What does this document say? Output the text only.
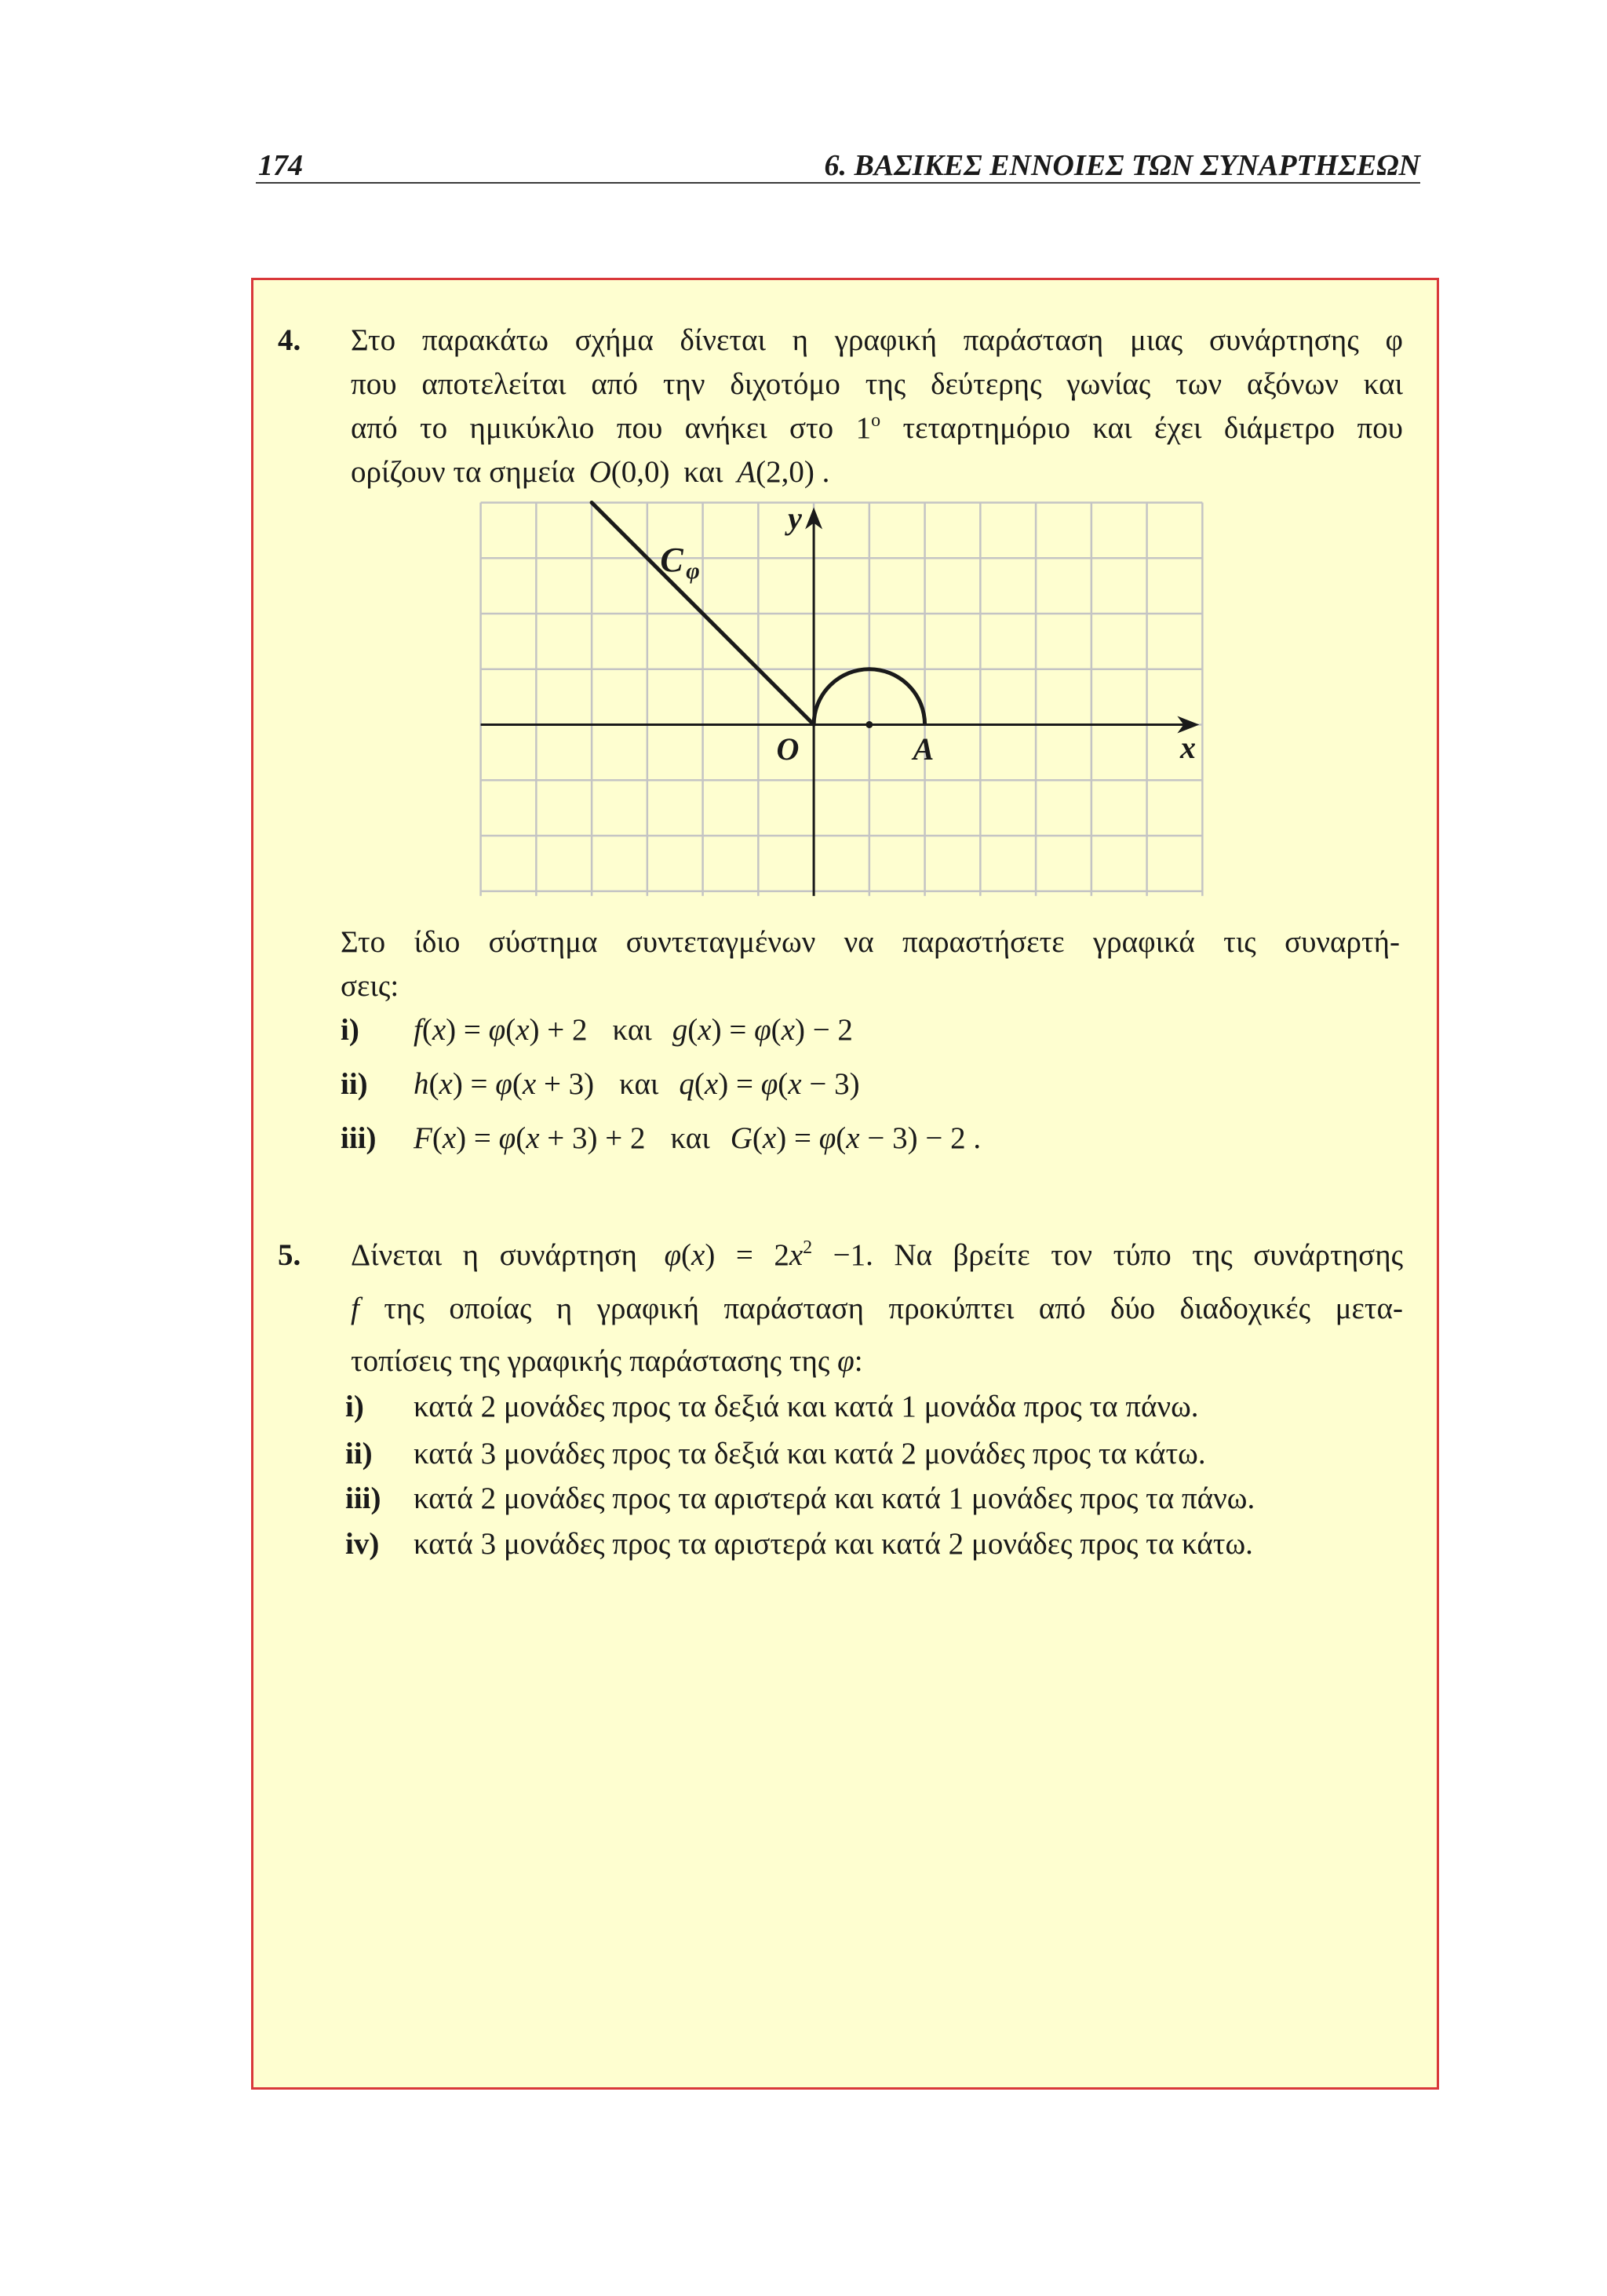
174	6. ΒΑΣΙΚΕΣ ΕΝΝΟΙΕΣ ΤΩΝ ΣΥΝΑΡΤΗΣΕΩΝ
4. Στο παρακάτω σχήμα δίνεται η γραφική παράσταση μιας συνάρτησης φ
που αποτελείται από την διχοτόμο της δεύτερης γωνίας των αξόνων και
από το ημικύκλιο που ανήκει στο $1^o$ τεταρτημόριο και έχει διάμετρο που
ορίζουν τα σημεία O(0,0) και A(2,0) .
y
x
O	A
C φ
Στο ίδιο σύστημα συντεταγμένων να παραστήσετε γραφικά τις συναρτή-
σεις:
i) f(x) = φ(x) + 2 και g(x) = φ(x) − 2
ii) h(x) = φ(x + 3) και q(x) = φ(x − 3)
iii) F(x) = φ(x + 3) + 2 και G(x) = φ(x − 3) − 2 .
5. Δίνεται η συνάρτηση $\varphi(x) = 2x^2 -1$. Να βρείτε τον τύπο της συνάρτησης
f της οποίας η γραφική παράσταση προκύπτει από δύο διαδοχικές μετα-
τοπίσεις της γραφικής παράστασης της φ:
i) κατά 2 μονάδες προς τα δεξιά και κατά 1 μονάδα προς τα πάνω.
ii) κατά 3 μονάδες προς τα δεξιά και κατά 2 μονάδες προς τα κάτω.
iii) κατά 2 μονάδες προς τα αριστερά και κατά 1 μονάδες προς τα πάνω.
iv) κατά 3 μονάδες προς τα αριστερά και κατά 2 μονάδες προς τα κάτω.
